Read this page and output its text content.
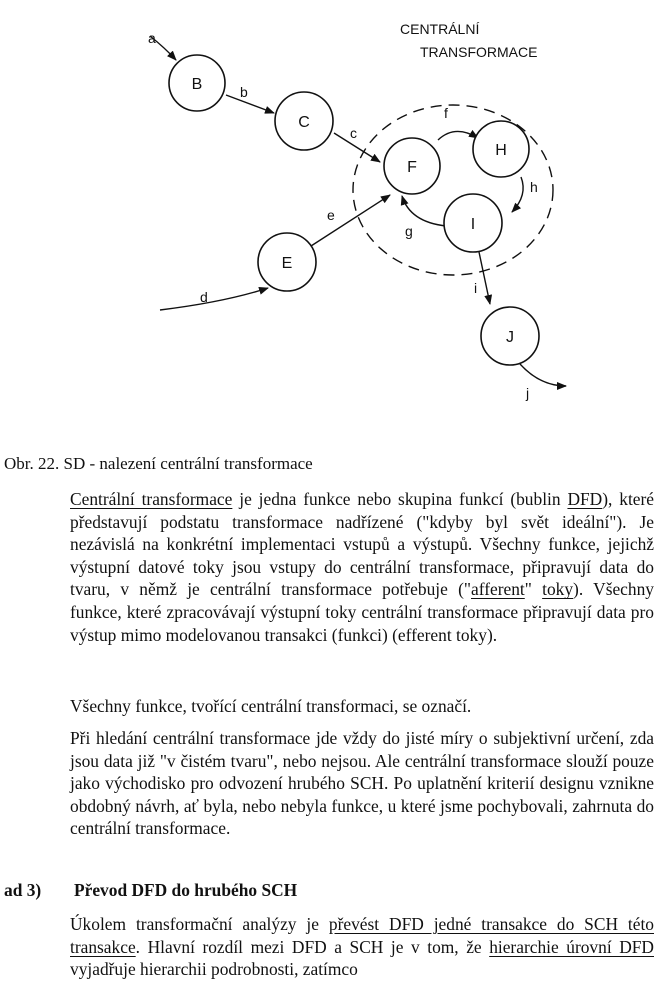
CENTRÁLNÍ
TRANSFORMACE
a
b
c
d
e
f
h
g
i
j
B
C
E
F
H
I
J
Obr. 22. SD - nalezení centrální transformace

Centrální transformace je jedna funkce nebo skupina funkcí (bublin DFD), které představují podstatu transformace nadřízené ("kdyby byl svět ideální"). Je nezávislá na konkrétní implementaci vstupů a výstupů. Všechny funkce, jejichž výstupní datové toky jsou vstupy do centrální transformace, připravují data do tvaru, v němž je centrální transformace potřebuje ("afferent" toky). Všechny funkce, které zpracovávají výstupní toky centrální transformace připravují data pro výstup mimo modelovanou transakci (funkci) (efferent toky).

Všechny funkce, tvořící centrální transformaci, se označí.

Při hledání centrální transformace jde vždy do jisté míry o subjektivní určení, zda jsou data již "v čistém tvaru", nebo nejsou. Ale centrální transformace slouží pouze jako východisko pro odvození hrubého SCH. Po uplatnění kriterií designu vznikne obdobný návrh, ať byla, nebo nebyla funkce, u které jsme pochybovali, zahrnuta do centrální transformace.

ad 3) Převod DFD do hrubého SCH

Úkolem transformační analýzy je převést DFD jedné transakce do SCH této transakce. Hlavní rozdíl mezi DFD a SCH je v tom, že hierarchie úrovní DFD vyjadřuje hierarchii podrobnosti, zatímco
